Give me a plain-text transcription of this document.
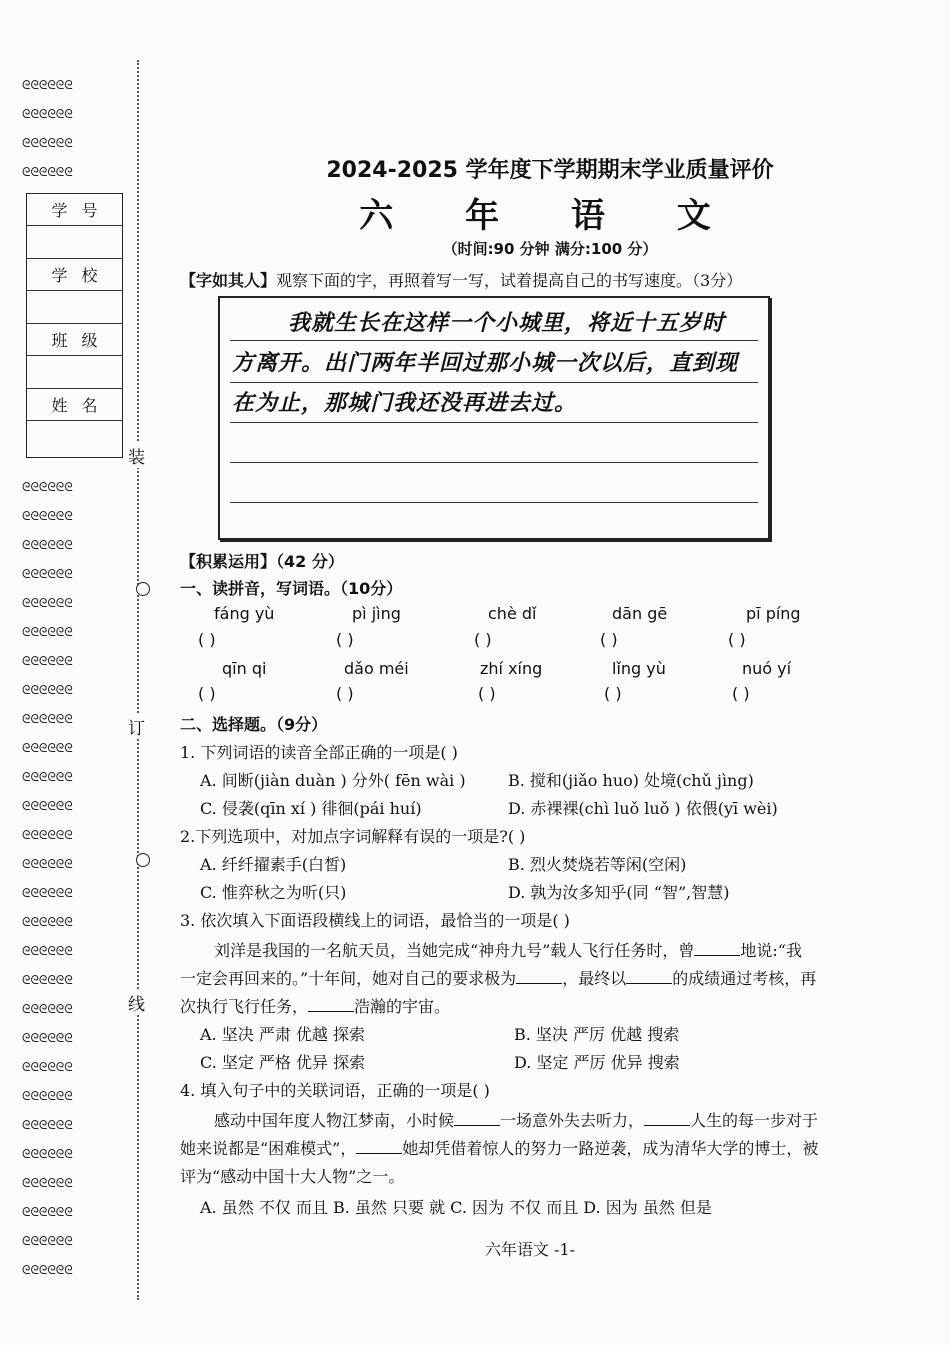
ᘓᘓᘓᘓᘓᘓ
ᘓᘓᘓᘓᘓᘓ
ᘓᘓᘓᘓᘓᘓ
ᘓᘓᘓᘓᘓᘓ
学号
学校
班级
姓名
ᘓᘓᘓᘓᘓᘓ
ᘓᘓᘓᘓᘓᘓ
ᘓᘓᘓᘓᘓᘓ
ᘓᘓᘓᘓᘓᘓ
ᘓᘓᘓᘓᘓᘓ
ᘓᘓᘓᘓᘓᘓ
ᘓᘓᘓᘓᘓᘓ
ᘓᘓᘓᘓᘓᘓ
ᘓᘓᘓᘓᘓᘓ
ᘓᘓᘓᘓᘓᘓ
ᘓᘓᘓᘓᘓᘓ
ᘓᘓᘓᘓᘓᘓ
ᘓᘓᘓᘓᘓᘓ
ᘓᘓᘓᘓᘓᘓ
ᘓᘓᘓᘓᘓᘓ
ᘓᘓᘓᘓᘓᘓ
ᘓᘓᘓᘓᘓᘓ
ᘓᘓᘓᘓᘓᘓ
ᘓᘓᘓᘓᘓᘓ
ᘓᘓᘓᘓᘓᘓ
ᘓᘓᘓᘓᘓᘓ
ᘓᘓᘓᘓᘓᘓ
ᘓᘓᘓᘓᘓᘓ
ᘓᘓᘓᘓᘓᘓ
ᘓᘓᘓᘓᘓᘓ
ᘓᘓᘓᘓᘓᘓ
ᘓᘓᘓᘓᘓᘓ
ᘓᘓᘓᘓᘓᘓ
装
订
线
2024-2025 学年度下学期期末学业质量评价
六 年 语 文
（时间:90 分钟 满分:100 分）
【字如其人】观察下面的字，再照着写一写，试着提高自己的书写速度。（3分）
我就生长在这样一个小城里，将近十五岁时
方离开。出门两年半回过那小城一次以后，直到现
在为止，那城门我还没再进去过。
【积累运用】（42 分）
一、读拼音，写词语。（10分）
fáng yù	pì jìng	chè dǐ	dān gē	pī píng
( )	( )	( )	( )	( )
qīn qi	dǎo méi	zhí xíng	lǐng yù	nuó yí
( )	( )	( )	( )	( )
二、选择题。（9分）
1. 下列词语的读音全部正确的一项是( )
A. 间断(jiàn duàn ) 分外( fēn wài )	B. 搅和(jiǎo huo) 处境(chǔ jìng)
C. 侵袭(qīn xí ) 徘徊(pái huí)	D. 赤裸裸(chì luǒ luǒ ) 依偎(yī wèi)
2.下列选项中，对加点字词解释有误的一项是?( )
A. 纤纤擢素手(白皙)	B. 烈火焚烧若等闲(空闲)
C. 惟弈秋之为听(只)	D. 孰为汝多知乎(同 “智”,智慧)
3. 依次填入下面语段横线上的词语，最恰当的一项是( )
刘洋是我国的一名航天员，当她完成“神舟九号”载人飞行任务时，曾	地说:“我
一定会再回来的。”十年间，她对自己的要求极为	，最终以	的成绩通过考核，再
次执行飞行任务，	浩瀚的宇宙。
A. 坚决 严肃 优越 探索	B. 坚决 严厉 优越 搜索
C. 坚定 严格 优异 探索	D. 坚定 严厉 优异 搜索
4. 填入句子中的关联词语，正确的一项是( )
感动中国年度人物江梦南，小时候	一场意外失去听力，	人生的每一步对于
她来说都是“困难模式”，	她却凭借着惊人的努力一路逆袭，成为清华大学的博士，被
评为“感动中国十大人物”之一。
A. 虽然 不仅 而且 B. 虽然 只要 就 C. 因为 不仅 而且 D. 因为 虽然 但是
六年语文 -1-
